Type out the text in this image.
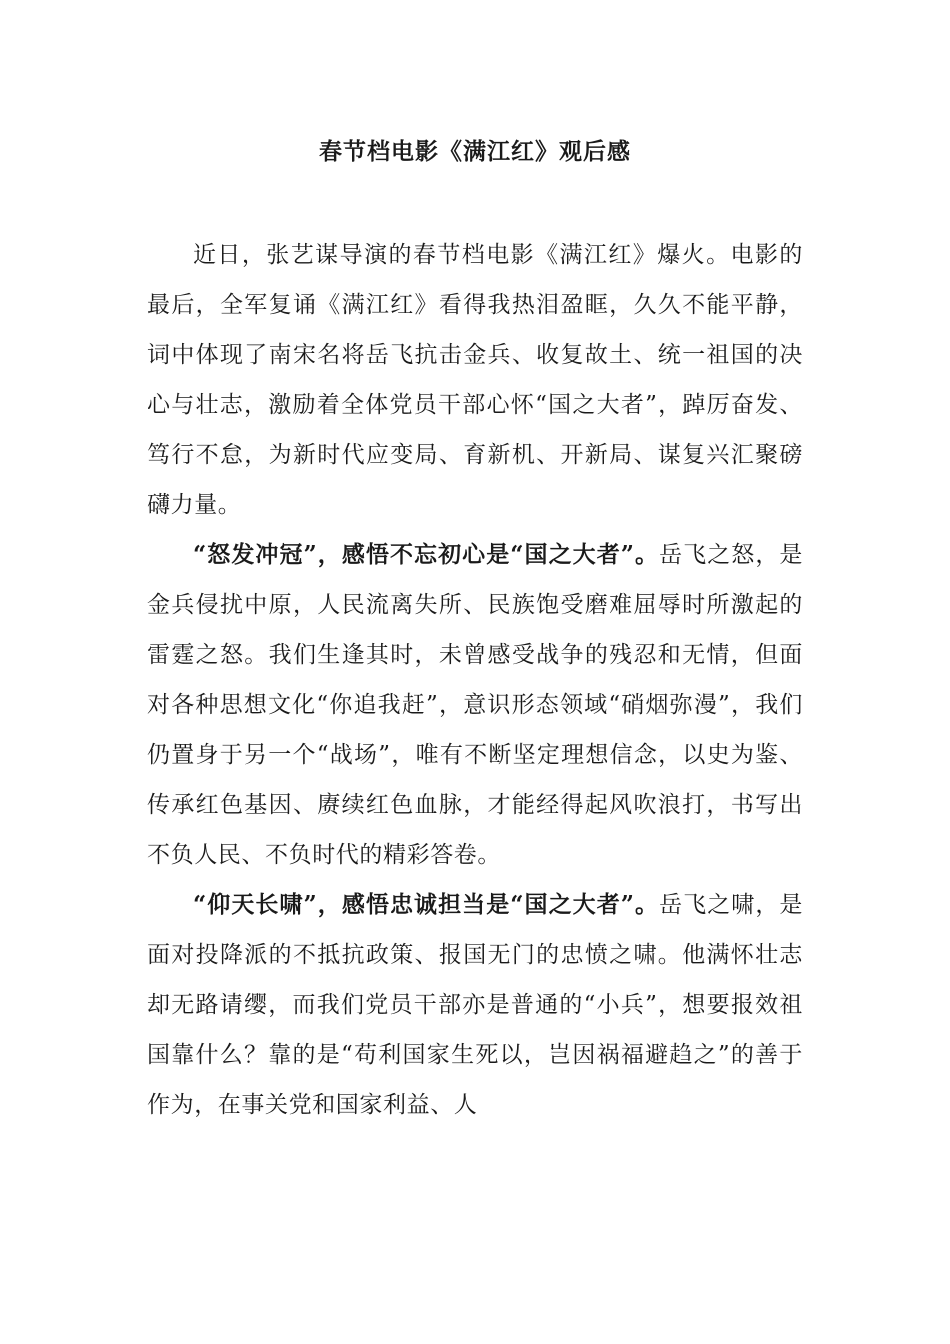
春节档电影《满江红》观后感

近日，张艺谋导演的春节档电影《满江红》爆火。电影的最后，全军复诵《满江红》看得我热泪盈眶，久久不能平静，词中体现了南宋名将岳飞抗击金兵、收复故土、统一祖国的决心与壮志，激励着全体党员干部心怀“国之大者”，踔厉奋发、笃行不怠，为新时代应变局、育新机、开新局、谋复兴汇聚磅礴力量。

“怒发冲冠”，感悟不忘初心是“国之大者”。岳飞之怒，是金兵侵扰中原，人民流离失所、民族饱受磨难屈辱时所激起的雷霆之怒。我们生逢其时，未曾感受战争的残忍和无情，但面对各种思想文化“你追我赶”，意识形态领域“硝烟弥漫”，我们仍置身于另一个“战场”，唯有不断坚定理想信念，以史为鉴、传承红色基因、赓续红色血脉，才能经得起风吹浪打，书写出不负人民、不负时代的精彩答卷。

“仰天长啸”，感悟忠诚担当是“国之大者”。岳飞之啸，是面对投降派的不抵抗政策、报国无门的忠愤之啸。他满怀壮志却无路请缨，而我们党员干部亦是普通的“小兵”，想要报效祖国靠什么？靠的是“苟利国家生死以，岂因祸福避趋之”的善于作为，在事关党和国家利益、人
